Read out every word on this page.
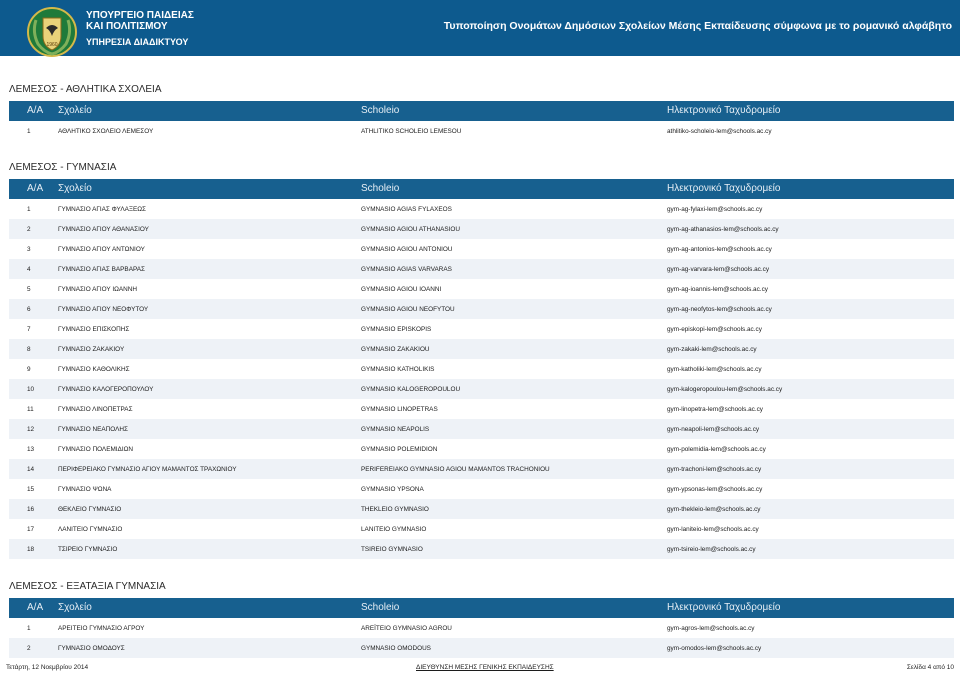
1960
ΥΠΟΥΡΓΕΙΟ ΠΑΙΔΕΙΑΣ
ΚΑΙ ΠΟΛΙΤΙΣΜΟΥ
ΥΠΗΡΕΣΙΑ ΔΙΑΔΙΚΤΥΟΥ
Τυποποίηση Ονομάτων Δημόσιων Σχολείων Μέσης Εκπαίδευσης σύμφωνα με το ρομανικό αλφάβητο
ΛΕΜΕΣΟΣ - ΑΘΛΗΤΙΚΑ ΣΧΟΛΕΙΑ
Α/Α Σχολείο	Scholeio	Ηλεκτρονικό Ταχυδρομείο
1	ΑΘΛΗΤΙΚΟ ΣΧΟΛΕΙΟ ΛΕΜΕΣΟΥ	ATHLITIKO SCHOLEIO LEMESOU	athlitiko-scholeio-lem@schools.ac.cy
ΛΕΜΕΣΟΣ - ΓΥΜΝΑΣΙΑ
Α/Α Σχολείο	Scholeio	Ηλεκτρονικό Ταχυδρομείο
1	ΓΥΜΝΑΣΙΟ ΑΓΙΑΣ ΦΥΛΑΞΕΩΣ	GYMNASIO AGIAS FYLAXEOS	gym-ag-fylaxi-lem@schools.ac.cy
2	ΓΥΜΝΑΣΙΟ ΑΓΙΟΥ ΑΘΑΝΑΣΙΟΥ	GYMNASIO AGIOU ATHANASIOU	gym-ag-athanasios-lem@schools.ac.cy
3	ΓΥΜΝΑΣΙΟ ΑΓΙΟΥ ΑΝΤΩΝΙΟΥ	GYMNASIO AGIOU ANTONIOU	gym-ag-antonios-lem@schools.ac.cy
4	ΓΥΜΝΑΣΙΟ ΑΓΙΑΣ ΒΑΡΒΑΡΑΣ	GYMNASIO AGIAS VARVARAS	gym-ag-varvara-lem@schools.ac.cy
5	ΓΥΜΝΑΣΙΟ ΑΓΙΟΥ ΙΩΑΝΝΗ	GYMNASIO AGIOU IOANNI	gym-ag-ioannis-lem@schools.ac.cy
6	ΓΥΜΝΑΣΙΟ ΑΓΙΟΥ ΝΕΟΦΥΤΟΥ	GYMNASIO AGIOU NEOFYTOU	gym-ag-neofytos-lem@schools.ac.cy
7	ΓΥΜΝΑΣΙΟ ΕΠΙΣΚΟΠΗΣ	GYMNASIO EPISKOPIS	gym-episkopi-lem@schools.ac.cy
8	ΓΥΜΝΑΣΙΟ ΖΑΚΑΚΙΟΥ	GYMNASIO ZAKAKIOU	gym-zakaki-lem@schools.ac.cy
9	ΓΥΜΝΑΣΙΟ ΚΑΘΟΛΙΚΗΣ	GYMNASIO KATHOLIKIS	gym-katholiki-lem@schools.ac.cy
10	ΓΥΜΝΑΣΙΟ ΚΑΛΟΓΕΡΟΠΟΥΛΟΥ	GYMNASIO KALOGEROPOULOU	gym-kalogeropoulou-lem@schools.ac.cy
11	ΓΥΜΝΑΣΙΟ ΛΙΝΟΠΕΤΡΑΣ	GYMNASIO LINOPETRAS	gym-linopetra-lem@schools.ac.cy
12	ΓΥΜΝΑΣΙΟ ΝΕΑΠΟΛΗΣ	GYMNASIO NEAPOLIS	gym-neapoli-lem@schools.ac.cy
13	ΓΥΜΝΑΣΙΟ ΠΟΛΕΜΙΔΙΩΝ	GYMNASIO POLEMIDION	gym-polemidia-lem@schools.ac.cy
14	ΠΕΡΙΦΕΡΕΙΑΚΟ ΓΥΜΝΑΣΙΟ ΑΓΙΟΥ ΜΑΜΑΝΤΟΣ ΤΡΑΧΩΝΙΟΥ	PERIFEREIAKO GYMNASIO AGIOU MAMANTOS TRACHONIOU	gym-trachoni-lem@schools.ac.cy
15	ΓΥΜΝΑΣΙΟ ΨΩΝΑ	GYMNASIO YPSONA	gym-ypsonas-lem@schools.ac.cy
16	ΘΕΚΛΕΙΟ ΓΥΜΝΑΣΙΟ	THEKLEIO GYMNASIO	gym-thekleio-lem@schools.ac.cy
17	ΛΑΝΙΤΕΙΟ ΓΥΜΝΑΣΙΟ	LANITEIO GYMNASIO	gym-laniteio-lem@schools.ac.cy
18	ΤΣΙΡΕΙΟ ΓΥΜΝΑΣΙΟ	TSIREIO GYMNASIO	gym-tsireio-lem@schools.ac.cy
ΛΕΜΕΣΟΣ - ΕΞΑΤΑΞΙΑ ΓΥΜΝΑΣΙΑ
Α/Α Σχολείο	Scholeio	Ηλεκτρονικό Ταχυδρομείο
1	ΑΡΕΙΤΕΙΟ ΓΥΜΝΑΣΙΟ ΑΓΡΟΥ	AREÏTEIO GYMNASIO AGROU	gym-agros-lem@schools.ac.cy
2	ΓΥΜΝΑΣΙΟ ΟΜΟΔΟΥΣ	GYMNASIO OMODOUS	gym-omodos-lem@schools.ac.cy
Τετάρτη, 12 Νοεμβρίου 2014	ΔΙΕΥΘΥΝΣΗ ΜΕΣΗΣ ΓΕΝΙΚΗΣ ΕΚΠΑΙΔΕΥΣΗΣ	Σελίδα 4 από 10
